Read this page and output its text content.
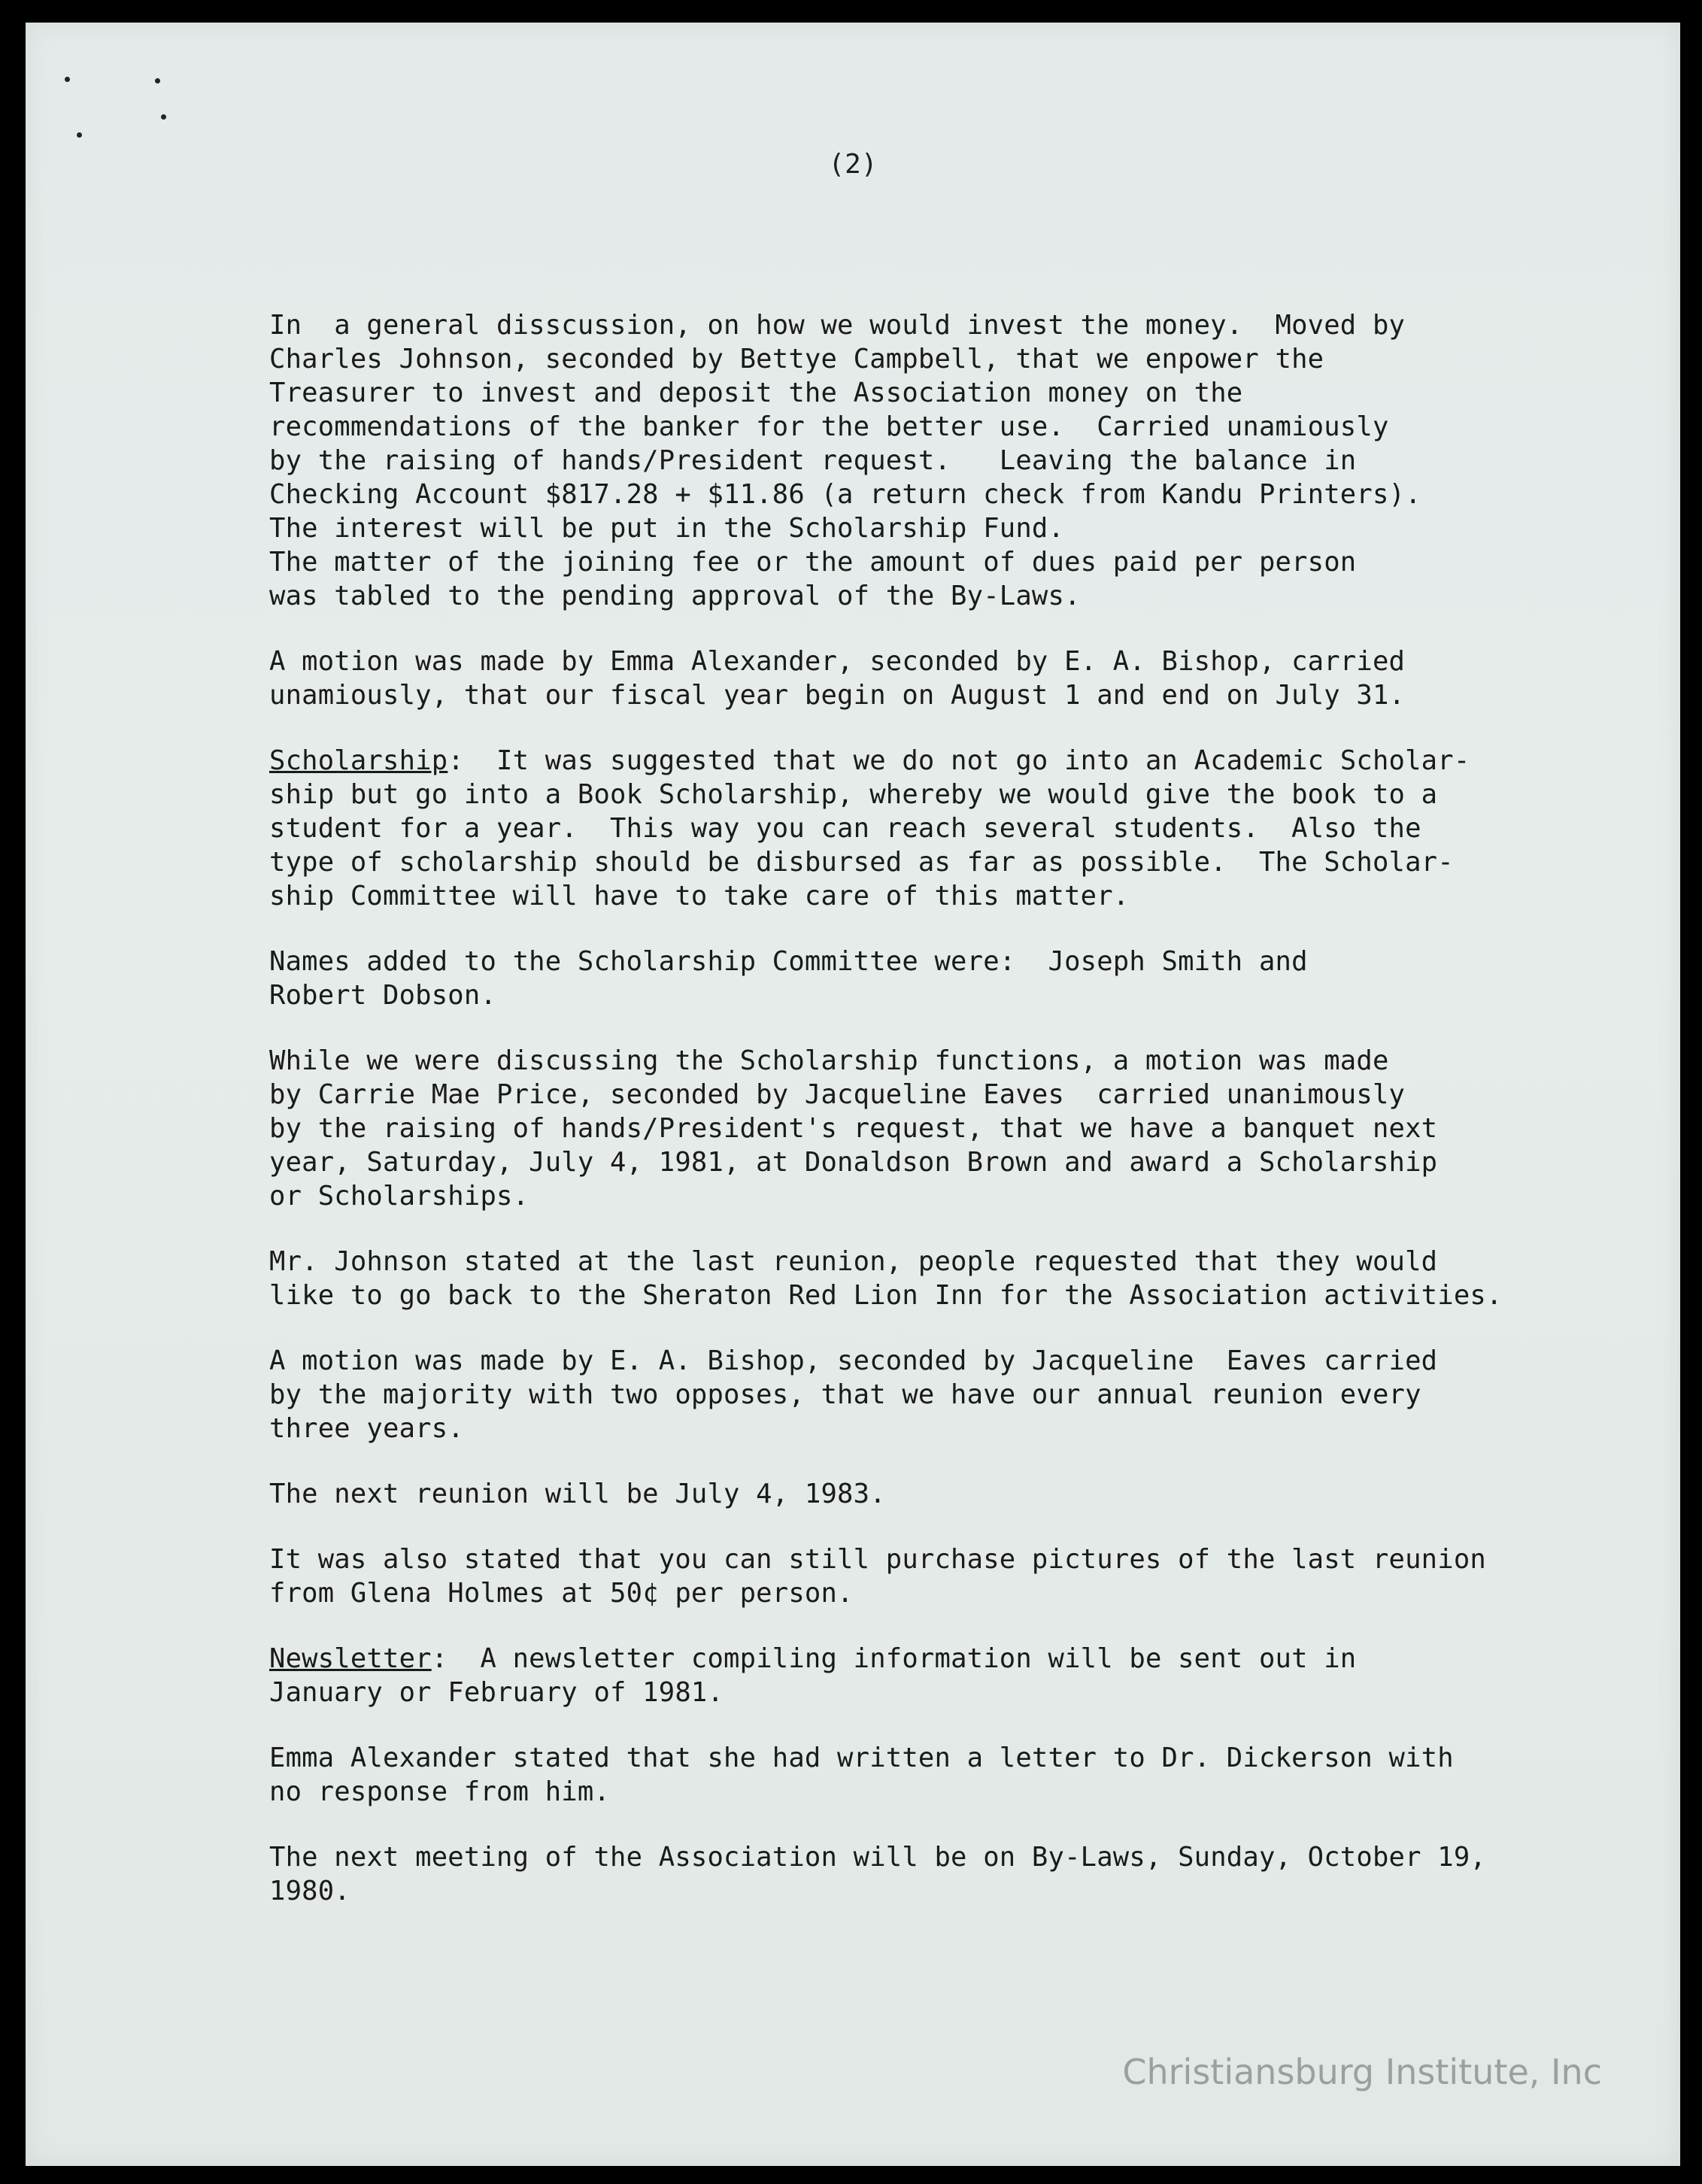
(2)

In  a general disscussion, on how we would invest the money.  Moved by
Charles Johnson, seconded by Bettye Campbell, that we enpower the
Treasurer to invest and deposit the Association money on the
recommendations of the banker for the better use.  Carried unamiously
by the raising of hands/President request.   Leaving the balance in
Checking Account $817.28 + $11.86 (a return check from Kandu Printers).
The interest will be put in the Scholarship Fund.

The matter of the joining fee or the amount of dues paid per person
was tabled to the pending approval of the By-Laws.

A motion was made by Emma Alexander, seconded by E. A. Bishop, carried
unamiously, that our fiscal year begin on August 1 and end on July 31.

Scholarship:  It was suggested that we do not go into an Academic Scholar-
ship but go into a Book Scholarship, whereby we would give the book to a
student for a year.  This way you can reach several students.  Also the
type of scholarship should be disbursed as far as possible.  The Scholar-
ship Committee will have to take care of this matter.

Names added to the Scholarship Committee were:  Joseph Smith and
Robert Dobson.

While we were discussing the Scholarship functions, a motion was made
by Carrie Mae Price, seconded by Jacqueline Eaves  carried unanimously
by the raising of hands/President's request, that we have a banquet next
year, Saturday, July 4, 1981, at Donaldson Brown and award a Scholarship
or Scholarships.

Mr. Johnson stated at the last reunion, people requested that they would
like to go back to the Sheraton Red Lion Inn for the Association activities.

A motion was made by E. A. Bishop, seconded by Jacqueline  Eaves carried
by the majority with two opposes, that we have our annual reunion every
three years.

The next reunion will be July 4, 1983.

It was also stated that you can still purchase pictures of the last reunion
from Glena Holmes at 50¢ per person.

Newsletter:  A newsletter compiling information will be sent out in
January or February of 1981.

Emma Alexander stated that she had written a letter to Dr. Dickerson with
no response from him.

The next meeting of the Association will be on By-Laws, Sunday, October 19,
1980.

Christiansburg Institute, Inc
